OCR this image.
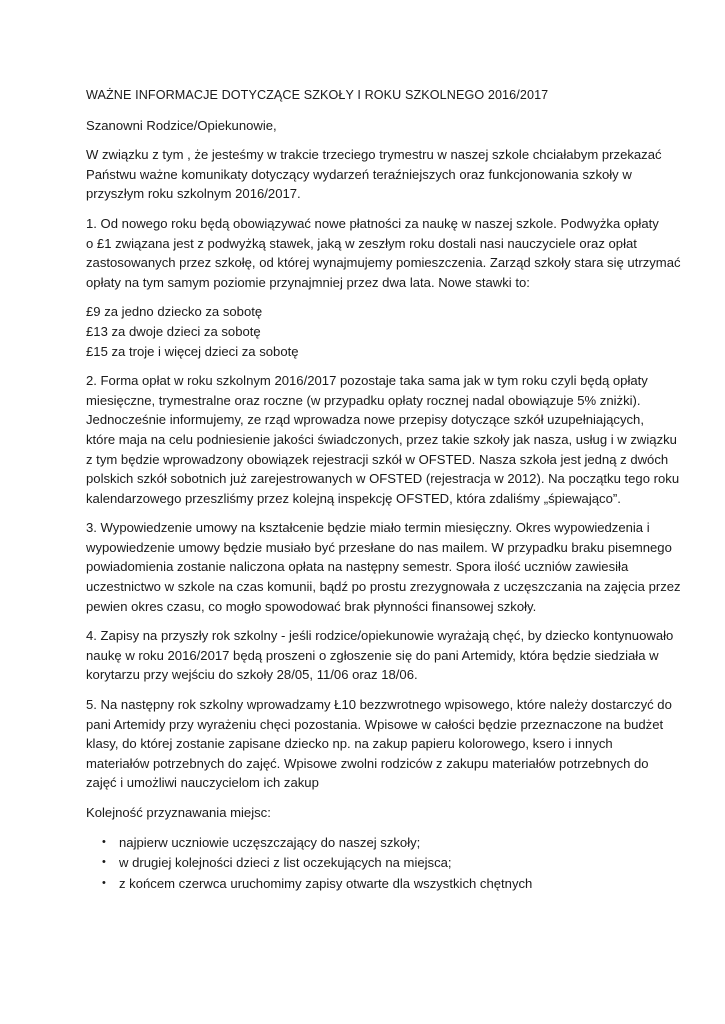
WAŻNE INFORMACJE DOTYCZĄCE SZKOŁY I ROKU SZKOLNEGO 2016/2017

Szanowni Rodzice/Opiekunowie,

W związku z tym , że jesteśmy w trakcie trzeciego trymestru w naszej szkole chciałabym przekazać
Państwu ważne komunikaty dotyczący wydarzeń teraźniejszych oraz funkcjonowania szkoły w
przyszłym roku szkolnym 2016/2017.

1. Od nowego roku będą obowiązywać nowe płatności za naukę w naszej szkole. Podwyżka opłaty
o £1 związana jest z podwyżką stawek, jaką w zeszłym roku dostali nasi nauczyciele oraz opłat
zastosowanych przez szkołę, od której wynajmujemy pomieszczenia. Zarząd szkoły stara się utrzymać
opłaty na tym samym poziomie przynajmniej przez dwa lata. Nowe stawki to:

£9 za jedno dziecko za sobotę
£13 za dwoje dzieci za sobotę
£15 za troje i więcej dzieci za sobotę

2. Forma opłat w roku szkolnym 2016/2017 pozostaje taka sama jak w tym roku czyli będą opłaty
miesięczne, trymestralne oraz roczne (w przypadku opłaty rocznej nadal obowiązuje 5% zniżki).
Jednocześnie informujemy, ze rząd wprowadza nowe przepisy dotyczące szkół uzupełniających,
które maja na celu podniesienie jakości świadczonych, przez takie szkoły jak nasza, usług i w związku
z tym będzie wprowadzony obowiązek rejestracji szkół w OFSTED. Nasza szkoła jest jedną z dwóch
polskich szkół sobotnich już zarejestrowanych w OFSTED (rejestracja w 2012). Na początku tego roku
kalendarzowego przeszliśmy przez kolejną inspekcję OFSTED, która zdaliśmy „śpiewająco”.

3. Wypowiedzenie umowy na kształcenie będzie miało termin miesięczny. Okres wypowiedzenia i
wypowiedzenie umowy będzie musiało być przesłane do nas mailem. W przypadku braku pisemnego
powiadomienia zostanie naliczona opłata na następny semestr. Spora ilość uczniów zawiesiła
uczestnictwo w szkole na czas komunii, bądź po prostu zrezygnowała z uczęszczania na zajęcia przez
pewien okres czasu, co mogło spowodować brak płynności finansowej szkoły.

4. Zapisy na przyszły rok szkolny - jeśli rodzice/opiekunowie wyrażają chęć, by dziecko kontynuowało
naukę w roku 2016/2017 będą proszeni o zgłoszenie się do pani Artemidy, która będzie siedziała w
korytarzu przy wejściu do szkoły 28/05, 11/06 oraz 18/06.

5. Na następny rok szkolny wprowadzamy Ł10 bezzwrotnego wpisowego, które należy dostarczyć do
pani Artemidy przy wyrażeniu chęci pozostania. Wpisowe w całości będzie przeznaczone na budżet
klasy, do której zostanie zapisane dziecko np. na zakup papieru kolorowego, ksero i innych
materiałów potrzebnych do zajęć. Wpisowe zwolni rodziców z zakupu materiałów potrzebnych do
zajęć i umożliwi nauczycielom ich zakup

Kolejność przyznawania miejsc:

• najpierw uczniowie uczęszczający do naszej szkoły;
• w drugiej kolejności dzieci z list oczekujących na miejsca;
• z końcem czerwca uruchomimy zapisy otwarte dla wszystkich chętnych
